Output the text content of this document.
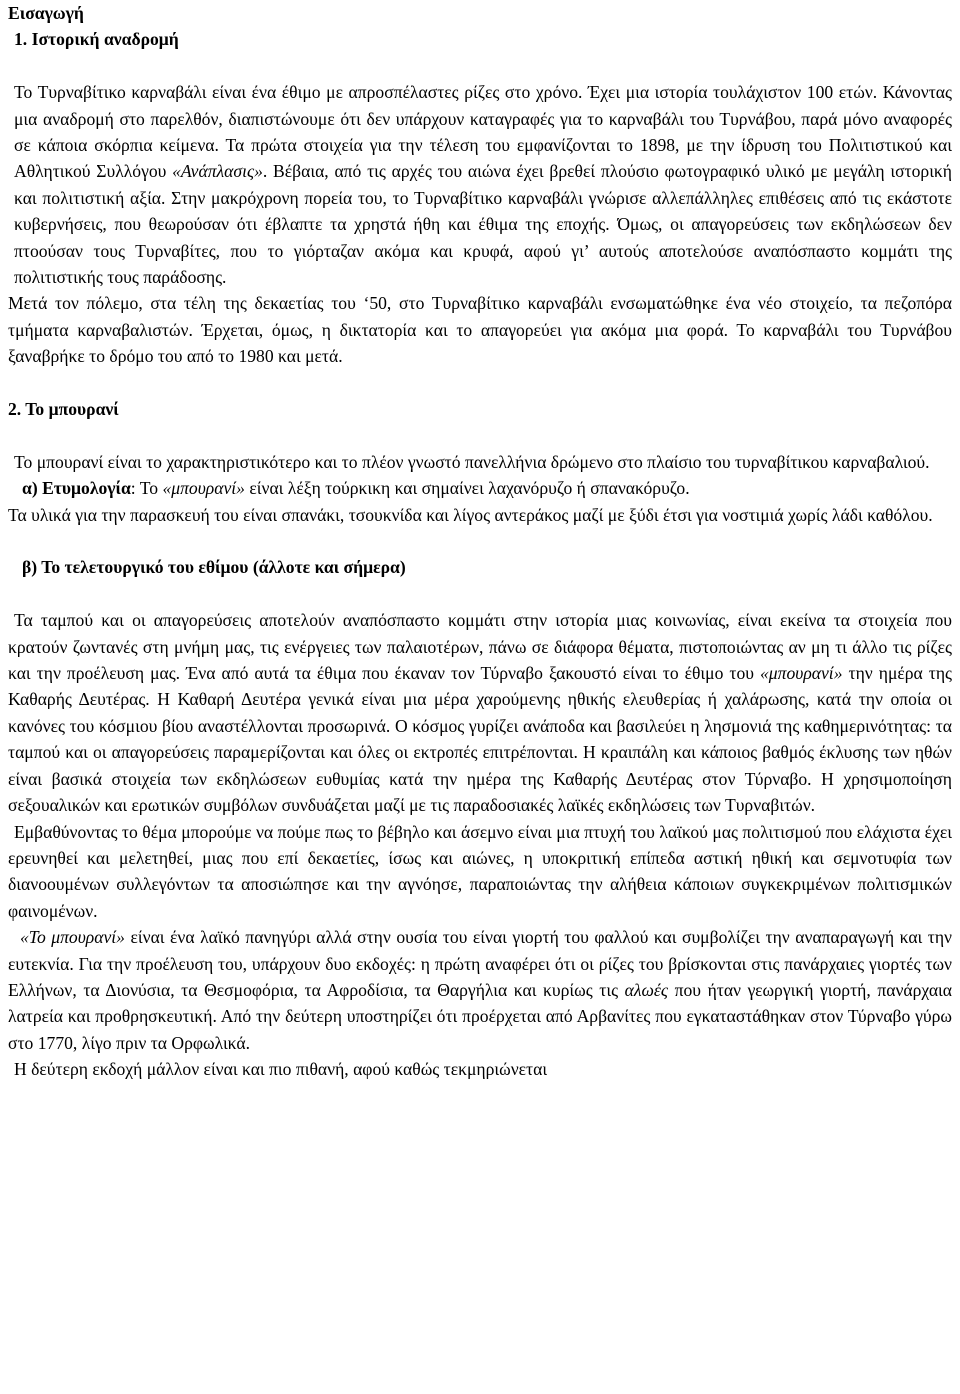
Εισαγωγή

1. Ιστορική αναδρομή

Το Τυρναβίτικο καρναβάλι είναι ένα έθιμο με απροσπέλαστες ρίζες στο χρόνο. Έχει μια ιστορία τουλάχιστον 100 ετών. Κάνοντας μια αναδρομή στο παρελθόν, διαπιστώνουμε ότι δεν υπάρχουν καταγραφές για το καρναβάλι του Τυρνάβου, παρά μόνο αναφορές σε κάποια σκόρπια κείμενα. Τα πρώτα στοιχεία για την τέλεση του εμφανίζονται το 1898, με την ίδρυση του Πολιτιστικού και Αθλητικού Συλλόγου «Ανάπλασις». Βέβαια, από τις αρχές του αιώνα έχει βρεθεί πλούσιο φωτογραφικό υλικό με μεγάλη ιστορική και πολιτιστική αξία. Στην μακρόχρονη πορεία του, το Τυρναβίτικο καρναβάλι γνώρισε αλλεπάλληλες επιθέσεις από τις εκάστοτε κυβερνήσεις, που θεωρούσαν ότι έβλαπτε τα χρηστά ήθη και έθιμα της εποχής. Όμως, οι απαγορεύσεις των εκδηλώσεων δεν πτοούσαν τους Τυρναβίτες, που το γιόρταζαν ακόμα και κρυφά, αφού γι’ αυτούς αποτελούσε αναπόσπαστο κομμάτι της πολιτιστικής τους παράδοσης.

Μετά τον πόλεμο, στα τέλη της δεκαετίας του ‘50, στο Τυρναβίτικο καρναβάλι ενσωματώθηκε ένα νέο στοιχείο, τα πεζοπόρα τμήματα καρναβαλιστών. Έρχεται, όμως, η δικτατορία και το απαγορεύει για ακόμα μια φορά. Το καρναβάλι του Τυρνάβου ξαναβρήκε το δρόμο του από το 1980 και μετά.

2. Το μπουρανί

Το μπουρανί είναι το χαρακτηριστικότερο και το πλέον γνωστό πανελλήνια δρώμενο στο πλαίσιο του τυρναβίτικου καρναβαλιού.

α) Ετυμολογία: Το «μπουρανί» είναι λέξη τούρκικη και σημαίνει λαχανόρυζο ή σπανακόρυζο.

Τα υλικά για την παρασκευή του είναι σπανάκι, τσουκνίδα και λίγος αντεράκος μαζί με ξύδι έτσι για νοστιμιά χωρίς λάδι καθόλου.

β) Το τελετουργικό του εθίμου (άλλοτε και σήμερα)

Τα ταμπού και οι απαγορεύσεις αποτελούν αναπόσπαστο κομμάτι στην ιστορία μιας κοινωνίας, είναι εκείνα τα στοιχεία που κρατούν ζωντανές στη μνήμη μας, τις ενέργειες των παλαιοτέρων, πάνω σε διάφορα θέματα, πιστοποιώντας αν μη τι άλλο τις ρίζες και την προέλευση μας. Ένα από αυτά τα έθιμα που έκαναν τον Τύρναβο ξακουστό είναι το έθιμο του «μπουρανί» την ημέρα της Καθαρής Δευτέρας. Η Καθαρή Δευτέρα γενικά είναι μια μέρα χαρούμενης ηθικής ελευθερίας ή χαλάρωσης, κατά την οποία οι κανόνες του κόσμιου βίου αναστέλλονται προσωρινά. Ο κόσμος γυρίζει ανάποδα και βασιλεύει η λησμονιά της καθημερινότητας: τα ταμπού και οι απαγορεύσεις παραμερίζονται και όλες οι εκτροπές επιτρέπονται. Η κραιπάλη και κάποιος βαθμός έκλυσης των ηθών είναι βασικά στοιχεία των εκδηλώσεων ευθυμίας κατά την ημέρα της Καθαρής Δευτέρας στον Τύρναβο. Η χρησιμοποίηση σεξουαλικών και ερωτικών συμβόλων συνδυάζεται μαζί με τις παραδοσιακές λαϊκές εκδηλώσεις των Τυρναβιτών.

Εμβαθύνοντας το θέμα μπορούμε να πούμε πως το βέβηλο και άσεμνο είναι μια πτυχή του λαϊκού μας πολιτισμού που ελάχιστα έχει ερευνηθεί και μελετηθεί, μιας που επί δεκαετίες, ίσως και αιώνες, η υποκριτική επίπεδα αστική ηθική και σεμνοτυφία των διανοουμένων συλλεγόντων τα αποσιώπησε και την αγνόησε, παραποιώντας την αλήθεια κάποιων συγκεκριμένων πολιτισμικών φαινομένων.

«Το μπουρανί» είναι ένα λαϊκό πανηγύρι αλλά στην ουσία του είναι γιορτή του φαλλού και συμβολίζει την αναπαραγωγή και την ευτεκνία. Για την προέλευση του, υπάρχουν δυο εκδοχές: η πρώτη αναφέρει ότι οι ρίζες του βρίσκονται στις πανάρχαιες γιορτές των Ελλήνων, τα Διονύσια, τα Θεσμοφόρια, τα Αφροδίσια, τα Θαργήλια και κυρίως τις αλωές που ήταν γεωργική γιορτή, πανάρχαια λατρεία και προθρησκευτική. Από την δεύτερη υποστηρίζει ότι προέρχεται από Αρβανίτες που εγκαταστάθηκαν στον Τύρναβο γύρω στο 1770, λίγο πριν τα Ορφωλικά.

Η δεύτερη εκδοχή μάλλον είναι και πιο πιθανή, αφού καθώς τεκμηριώνεται
